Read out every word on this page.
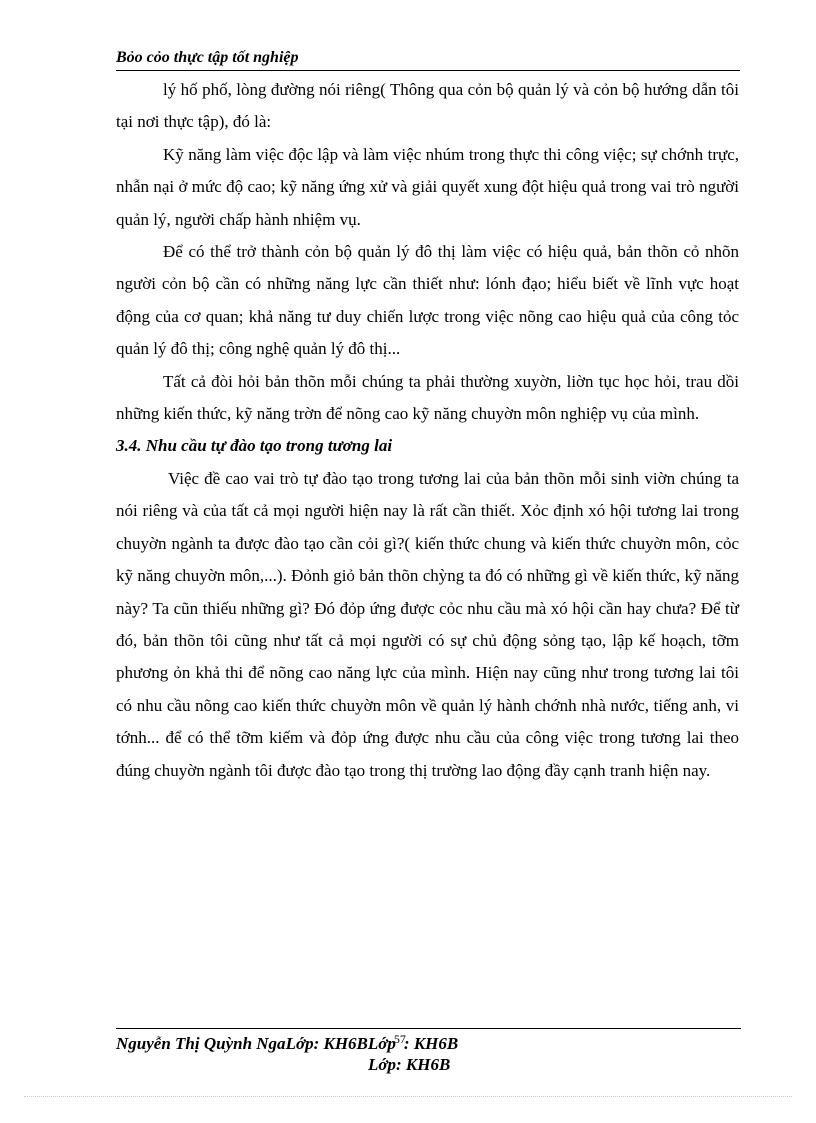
Bỏo cỏo thực tập tốt nghiệp

lý hố phố, lòng đường nói riêng( Thông qua cỏn bộ quản lý và cỏn bộ hướng dẫn tôi tại nơi thực tập), đó là:

Kỹ năng làm việc độc lập và làm việc nhúm trong thực thi công việc; sự chớnh trực, nhẫn nại ở mức độ cao; kỹ năng ứng xử và giải quyết xung đột hiệu quả trong vai trò người quản lý, người chấp hành nhiệm vụ.

Để có thể trở thành cỏn bộ quản lý đô thị làm việc có hiệu quả, bản thõn cỏ nhõn người cỏn bộ cần có những năng lực cần thiết như: lónh đạo; hiểu biết về lĩnh vực hoạt động của cơ quan; khả năng tư duy chiến lược trong việc nõng cao hiệu quả của công tỏc quản lý đô thị; công nghệ quản lý đô thị...

Tất cả đòi hỏi bản thõn mỗi chúng ta phải thường xuyờn, liờn tục học hỏi, trau dồi những kiến thức, kỹ năng trờn để nõng cao kỹ năng chuyờn môn nghiệp vụ của mình.

3.4. Nhu cầu tự đào tạo trong tương lai

Việc đề cao vai trò tự đào tạo trong tương lai của bản thõn mỗi sinh viờn chúng ta nói riêng và của tất cả mọi người hiện nay là rất cần thiết. Xỏc định xó hội tương lai trong chuyờn ngành ta được đào tạo cần cỏi gì?( kiến thức chung và kiến thức chuyờn môn, cỏc kỹ năng chuyờn môn,...). Đỏnh giỏ bản thõn chỳng ta đó có những gì về kiến thức, kỹ năng này? Ta cũn thiếu những gì? Đó đỏp ứng được cỏc nhu cầu mà xó hội cần hay chưa? Để từ đó, bản thõn tôi cũng như tất cả mọi người có sự chủ động sỏng tạo, lập kế hoạch, tỡm phương ỏn khả thi để nõng cao năng lực của mình. Hiện nay cũng như trong tương lai tôi có nhu cầu nõng cao kiến thức chuyờn môn về quản lý hành chớnh nhà nước, tiếng anh, vi tớnh... để có thể tỡm kiếm và đỏp ứng được nhu cầu của công việc trong tương lai theo đúng chuyờn ngành tôi được đào tạo trong thị trường lao động đầy cạnh tranh hiện nay.

Nguyễn Thị Quỳnh NgaLớp: KH6BLớp$^{57}$: KH6B
Lớp: KH6B
